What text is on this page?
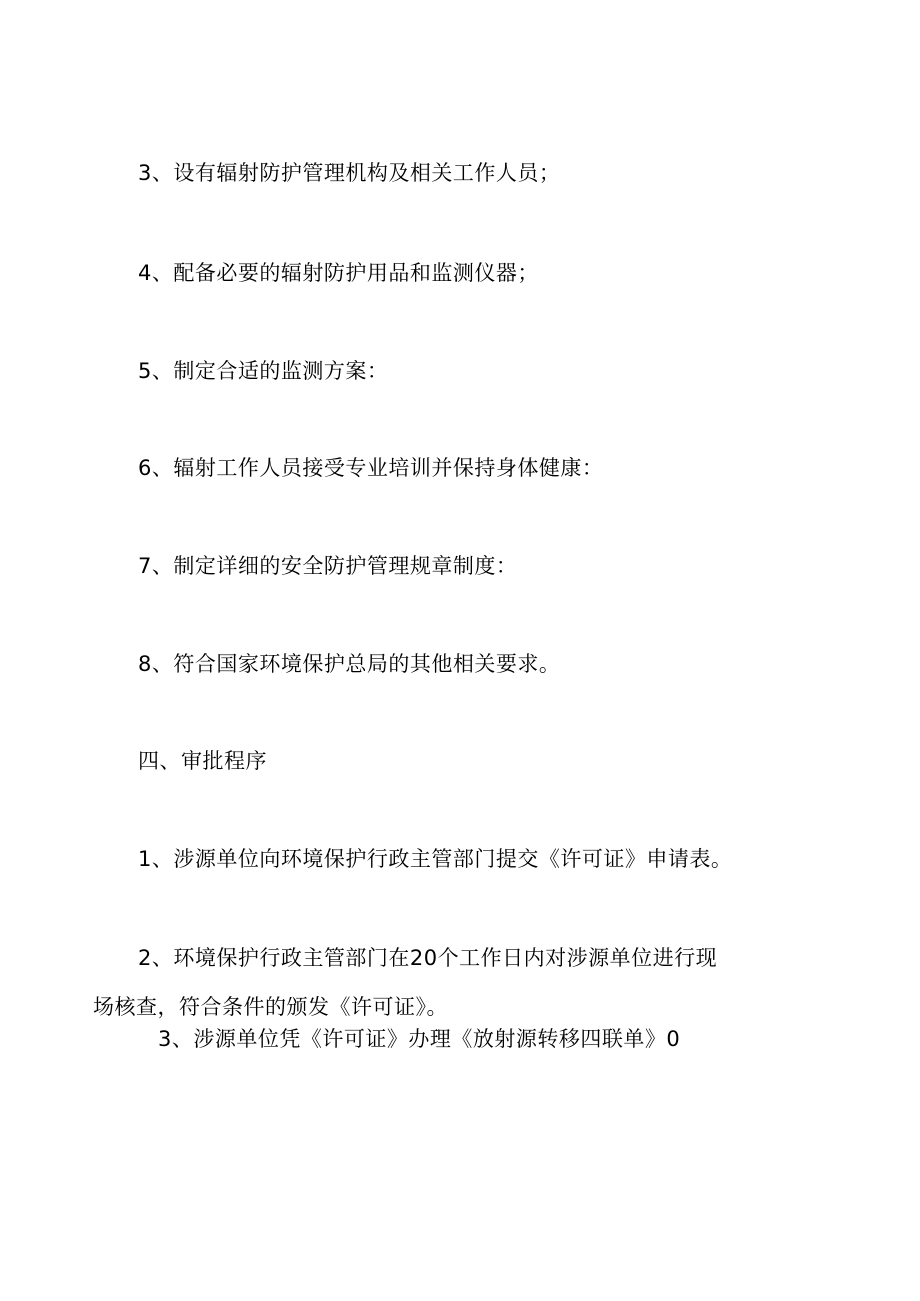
3、设有辐射防护管理机构及相关工作人员；
4、配备必要的辐射防护用品和监测仪器；
5、制定合适的监测方案：
6、辐射工作人员接受专业培训并保持身体健康：
7、制定详细的安全防护管理规章制度：
8、符合国家环境保护总局的其他相关要求。
四、审批程序
1、涉源单位向环境保护行政主管部门提交《许可证》申请表。
2、环境保护行政主管部门在20个工作日内对涉源单位进行现
场核查，符合条件的颁发《许可证》。
3、涉源单位凭《许可证》办理《放射源转移四联单》0
